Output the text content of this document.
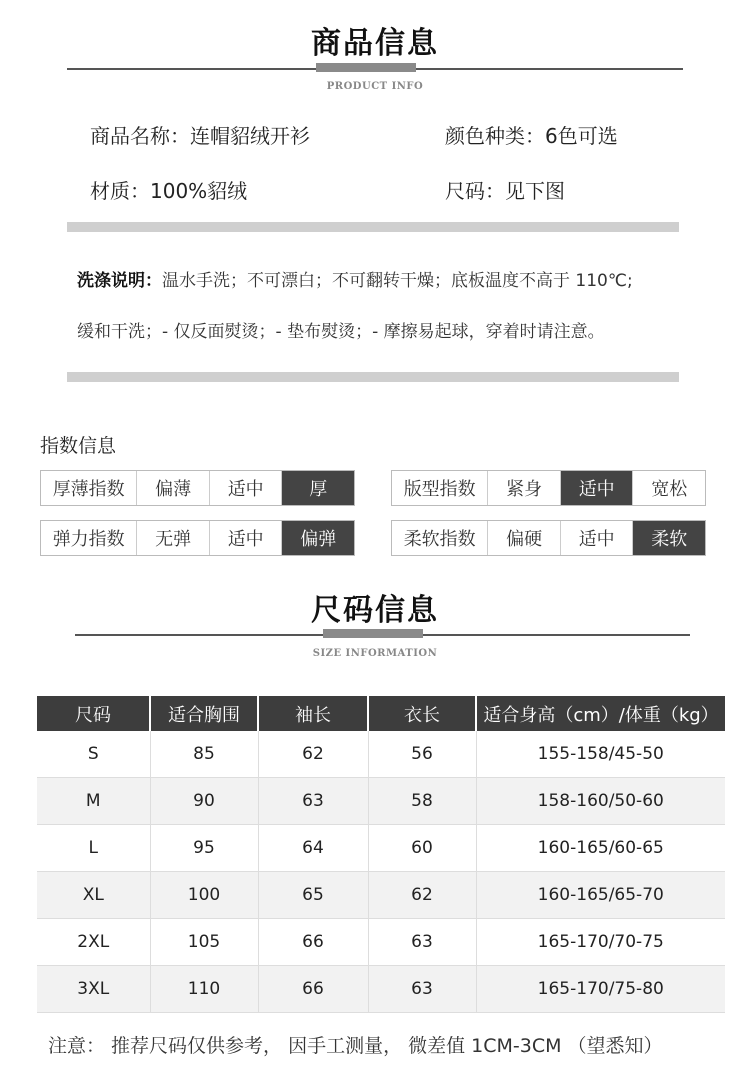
商品信息
PRODUCT INFO
商品名称：连帽貂绒开衫	颜色种类：6色可选
材质：100%貂绒	尺码：见下图
洗涤说明：温水手洗；不可漂白；不可翻转干燥；底板温度不高于 110℃;
缓和干洗；- 仅反面熨烫；- 垫布熨烫；- 摩擦易起球，穿着时请注意。
指数信息
厚薄指数	偏薄	适中	厚	版型指数	紧身	适中	宽松
弹力指数	无弹	适中	偏弹	柔软指数	偏硬	适中	柔软
尺码信息
SIZE INFORMATION
尺码	适合胸围	袖长	衣长	适合身高（cm）/体重（kg）
S	85	62	56	155-158/45-50
M	90	63	58	158-160/50-60
L	95	64	60	160-165/60-65
XL	100	65	62	160-165/65-70
2XL	105	66	63	165-170/70-75
3XL	110	66	63	165-170/75-80
注意： 推荐尺码仅供参考， 因手工测量， 微差值 1CM-3CM （望悉知）
